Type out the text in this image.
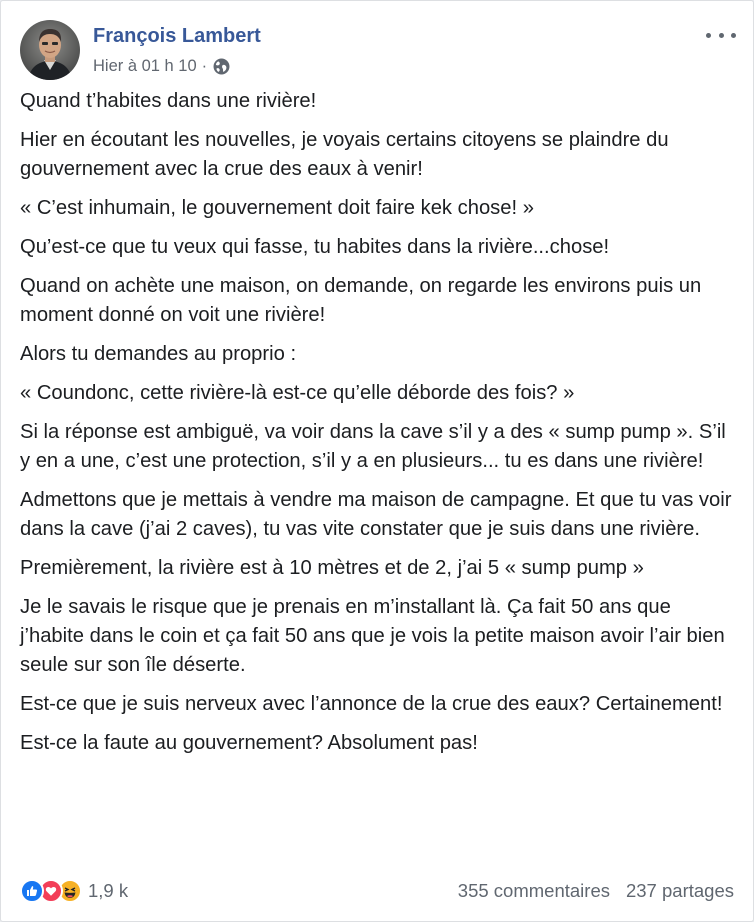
François Lambert
Hier à 01 h 10 ·

Quand t’habites dans une rivière!

Hier en écoutant les nouvelles, je voyais certains citoyens se plaindre du gouvernement avec la crue des eaux à venir!

« C’est inhumain, le gouvernement doit faire kek chose! »

Qu’est-ce que tu veux qui fasse, tu habites dans la rivière...chose!

Quand on achète une maison, on demande, on regarde les environs puis un moment donné on voit une rivière!

Alors tu demandes au proprio :

« Coundonc, cette rivière-là est-ce qu’elle déborde des fois? »

Si la réponse est ambiguë, va voir dans la cave s’il y a des « sump pump ». S’il y en a une, c’est une protection, s’il y a en plusieurs... tu es dans une rivière!

Admettons que je mettais à vendre ma maison de campagne. Et que tu vas voir dans la cave (j’ai 2 caves), tu vas vite constater que je suis dans une rivière.

Premièrement, la rivière est à 10 mètres et de 2, j’ai 5 « sump pump »

Je le savais le risque que je prenais en m’installant là. Ça fait 50 ans que j’habite dans le coin et ça fait 50 ans que je vois la petite maison avoir l’air bien seule sur son île déserte.

Est-ce que je suis nerveux avec l’annonce de la crue des eaux? Certainement!

Est-ce la faute au gouvernement? Absolument pas!

1,9 k	355 commentaires 237 partages
